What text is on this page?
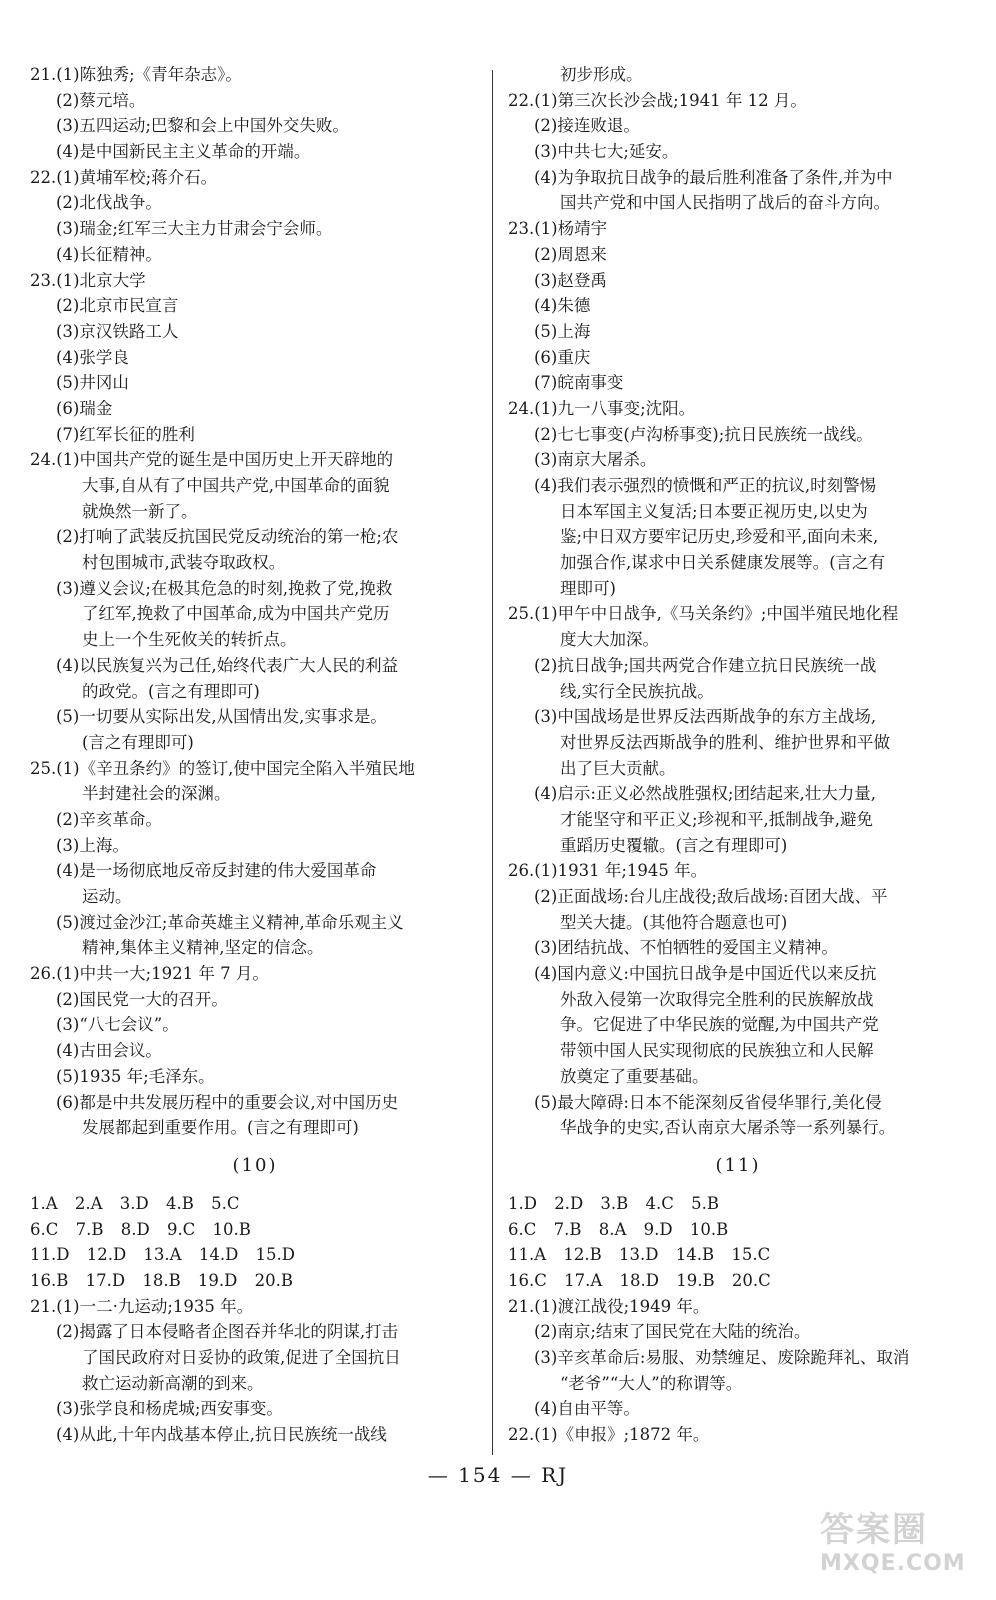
21.(1)陈独秀;《青年杂志》。
(2)蔡元培。
(3)五四运动;巴黎和会上中国外交失败。
(4)是中国新民主主义革命的开端。
22.(1)黄埔军校;蒋介石。
(2)北伐战争。
(3)瑞金;红军三大主力甘肃会宁会师。
(4)长征精神。
23.(1)北京大学
(2)北京市民宣言
(3)京汉铁路工人
(4)张学良
(5)井冈山
(6)瑞金
(7)红军长征的胜利
24.(1)中国共产党的诞生是中国历史上开天辟地的
大事,自从有了中国共产党,中国革命的面貌
就焕然一新了。
(2)打响了武装反抗国民党反动统治的第一枪;农
村包围城市,武装夺取政权。
(3)遵义会议;在极其危急的时刻,挽救了党,挽救
了红军,挽救了中国革命,成为中国共产党历
史上一个生死攸关的转折点。
(4)以民族复兴为己任,始终代表广大人民的利益
的政党。(言之有理即可)
(5)一切要从实际出发,从国情出发,实事求是。
(言之有理即可)
25.(1)《辛丑条约》的签订,使中国完全陷入半殖民地
半封建社会的深渊。
(2)辛亥革命。
(3)上海。
(4)是一场彻底地反帝反封建的伟大爱国革命
运动。
(5)渡过金沙江;革命英雄主义精神,革命乐观主义
精神,集体主义精神,坚定的信念。
26.(1)中共一大;1921 年 7 月。
(2)国民党一大的召开。
(3)“八七会议”。
(4)古田会议。
(5)1935 年;毛泽东。
(6)都是中共发展历程中的重要会议,对中国历史
发展都起到重要作用。(言之有理即可)
(10)
1.A 2.A 3.D 4.B 5.C
6.C 7.B 8.D 9.C 10.B
11.D 12.D 13.A 14.D 15.D
16.B 17.D 18.B 19.D 20.B
21.(1)一二·九运动;1935 年。
(2)揭露了日本侵略者企图吞并华北的阴谋,打击
了国民政府对日妥协的政策,促进了全国抗日
救亡运动新高潮的到来。
(3)张学良和杨虎城;西安事变。
(4)从此,十年内战基本停止,抗日民族统一战线
初步形成。
22.(1)第三次长沙会战;1941 年 12 月。
(2)接连败退。
(3)中共七大;延安。
(4)为争取抗日战争的最后胜利准备了条件,并为中
国共产党和中国人民指明了战后的奋斗方向。
23.(1)杨靖宇
(2)周恩来
(3)赵登禹
(4)朱德
(5)上海
(6)重庆
(7)皖南事变
24.(1)九一八事变;沈阳。
(2)七七事变(卢沟桥事变);抗日民族统一战线。
(3)南京大屠杀。
(4)我们表示强烈的愤慨和严正的抗议,时刻警惕
日本军国主义复活;日本要正视历史,以史为
鉴;中日双方要牢记历史,珍爱和平,面向未来,
加强合作,谋求中日关系健康发展等。(言之有
理即可)
25.(1)甲午中日战争,《马关条约》;中国半殖民地化程
度大大加深。
(2)抗日战争;国共两党合作建立抗日民族统一战
线,实行全民族抗战。
(3)中国战场是世界反法西斯战争的东方主战场,
对世界反法西斯战争的胜利、维护世界和平做
出了巨大贡献。
(4)启示:正义必然战胜强权;团结起来,壮大力量,
才能坚守和平正义;珍视和平,抵制战争,避免
重蹈历史覆辙。(言之有理即可)
26.(1)1931 年;1945 年。
(2)正面战场:台儿庄战役;敌后战场:百团大战、平
型关大捷。(其他符合题意也可)
(3)团结抗战、不怕牺牲的爱国主义精神。
(4)国内意义:中国抗日战争是中国近代以来反抗
外敌入侵第一次取得完全胜利的民族解放战
争。它促进了中华民族的觉醒,为中国共产党
带领中国人民实现彻底的民族独立和人民解
放奠定了重要基础。
(5)最大障碍:日本不能深刻反省侵华罪行,美化侵
华战争的史实,否认南京大屠杀等一系列暴行。
(11)
1.D 2.D 3.B 4.C 5.B
6.C 7.B 8.A 9.D 10.B
11.A 12.B 13.D 14.B 15.C
16.C 17.A 18.D 19.B 20.C
21.(1)渡江战役;1949 年。
(2)南京;结束了国民党在大陆的统治。
(3)辛亥革命后:易服、劝禁缠足、废除跪拜礼、取消
“老爷”“大人”的称谓等。
(4)自由平等。
22.(1)《申报》;1872 年。
— 154 — RJ
答案圈
MXQE.COM
